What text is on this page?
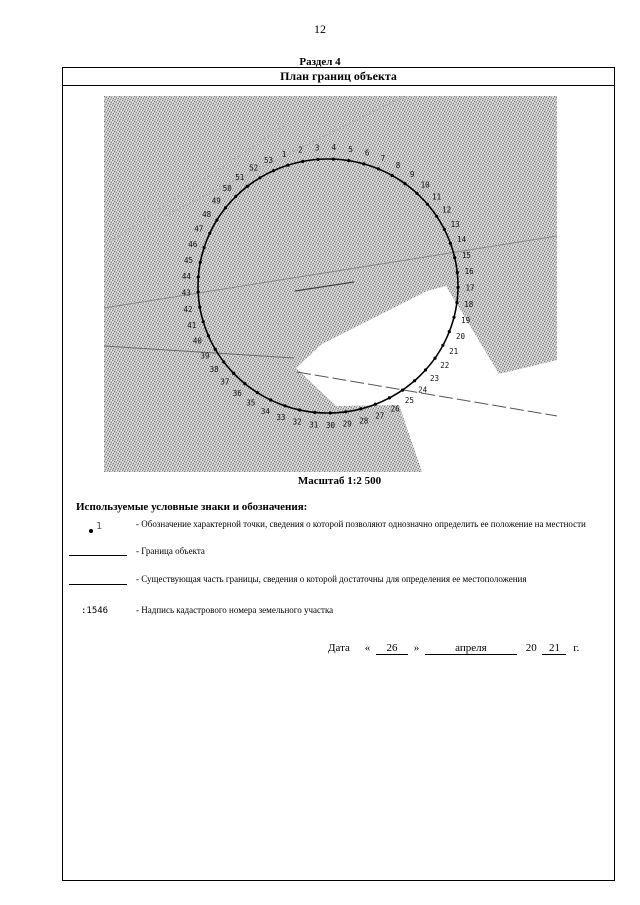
12
Раздел 4
План границ объекта
1 2 3 4 5 6
7
8
9
10
11
12
13
14
15
16
17
18
19
20
21
22
23
24
25
26
27
28
29
30
31
32
33
34
35
36
37
38
39
40
41
42
43
44
45
46
47
48
49
50
51
52
53
Масштаб 1:2 500
Используемые условные знаки и обозначения:
1	- Обозначение характерной точки, сведения о которой позволяют однозначно определить ее положение на местности
- Граница объекта
- Существующая часть границы, сведения о которой достаточны для определения ее местоположения
:1546	- Надпись кадастрового номера земельного участка
Дата « 26 »	апреля	20 21 г.
